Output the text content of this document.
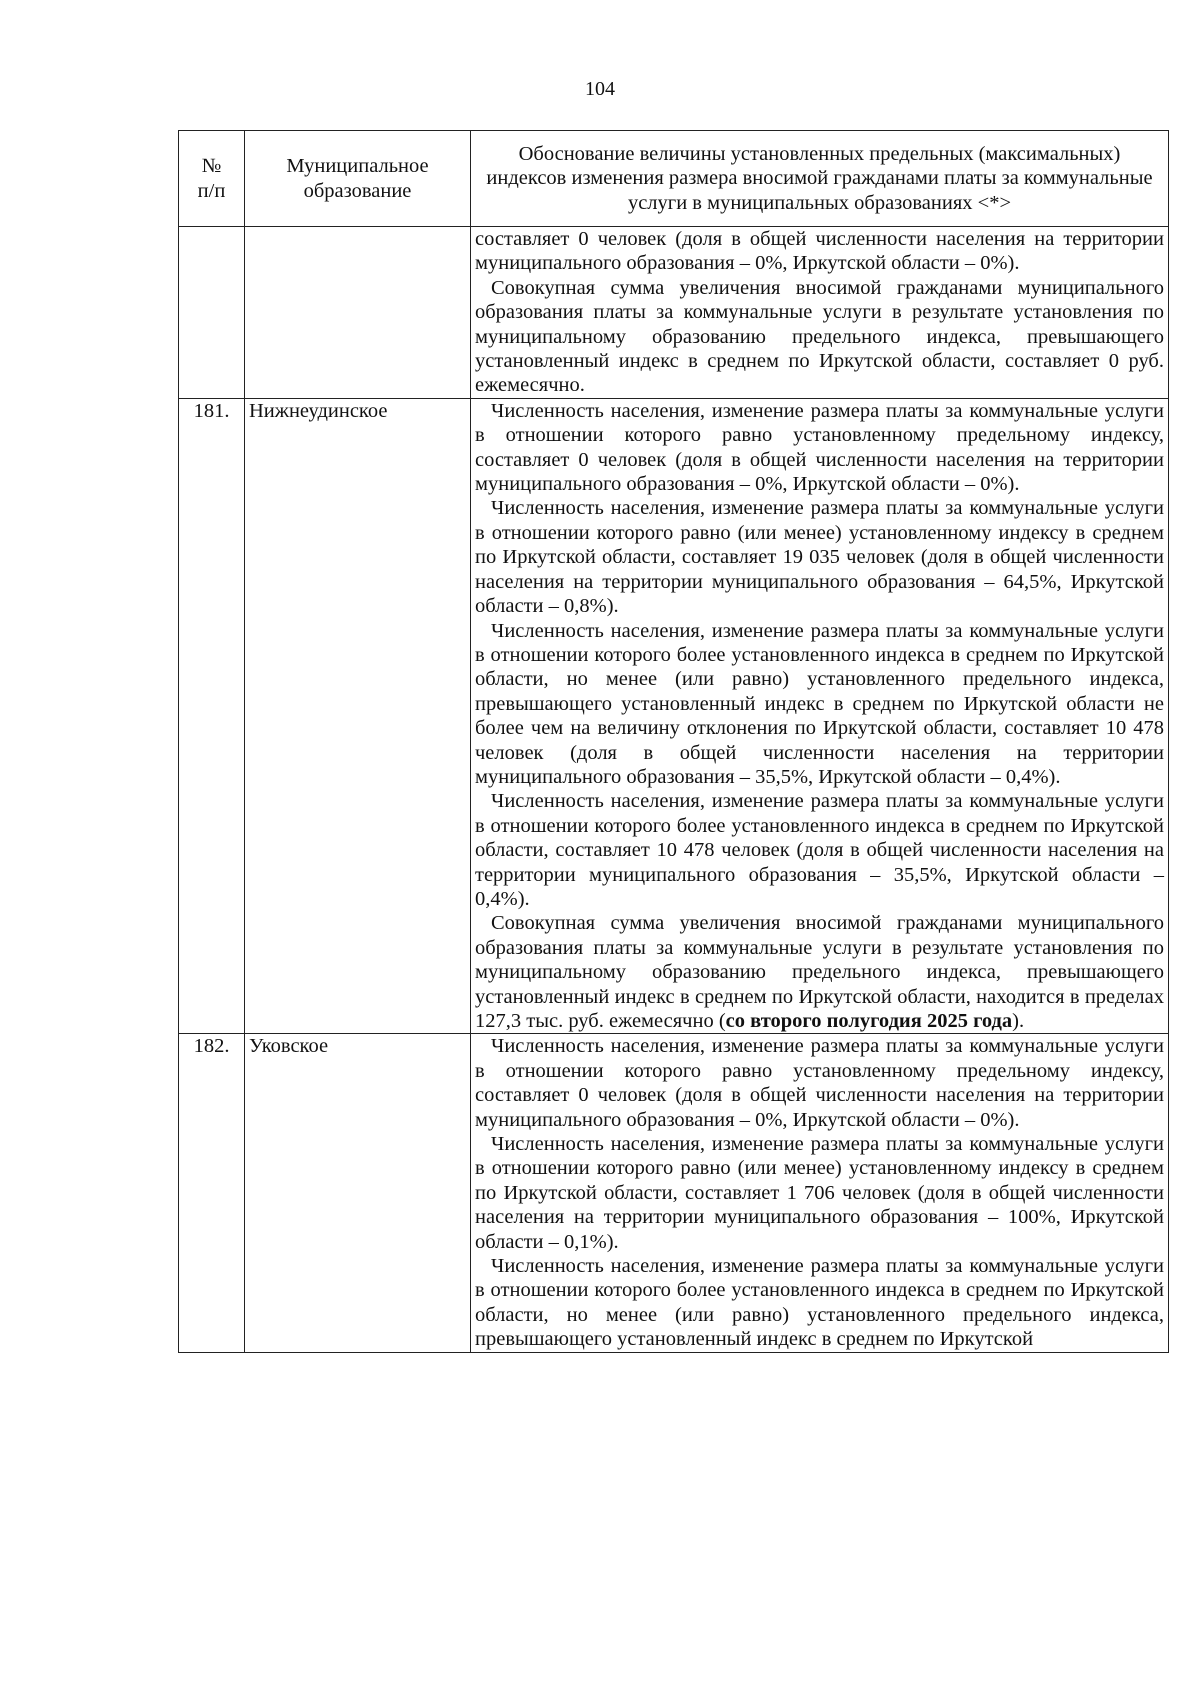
104
№
п/п	Муниципальное образование	Обоснование величины установленных предельных (максимальных) индексов изменения размера вносимой гражданами платы за коммунальные услуги в муниципальных образованиях <*>

		составляет 0 человек (доля в общей численности населения на территории муниципального образования – 0%, Иркутской области – 0%).

Совокупная сумма увеличения вносимой гражданами муниципального образования платы за коммунальные услуги в результате установления по муниципальному образованию предельного индекса, превышающего установленный индекс в среднем по Иркутской области, составляет 0 руб. ежемесячно.

181.	Нижнеудинское	Численность населения, изменение размера платы за коммунальные услуги в отношении которого равно установленному предельному индексу, составляет 0 человек (доля в общей численности населения на территории муниципального образования – 0%, Иркутской области – 0%).

Численность населения, изменение размера платы за коммунальные услуги в отношении которого равно (или менее) установленному индексу в среднем по Иркутской области, составляет 19 035 человек (доля в общей численности населения на территории муниципального образования – 64,5%, Иркутской области – 0,8%).

Численность населения, изменение размера платы за коммунальные услуги в отношении которого более установленного индекса в среднем по Иркутской области, но менее (или равно) установленного предельного индекса, превышающего установленный индекс в среднем по Иркутской области не более чем на величину отклонения по Иркутской области, составляет 10 478 человек (доля в общей численности населения на территории муниципального образования – 35,5%, Иркутской области – 0,4%).

Численность населения, изменение размера платы за коммунальные услуги в отношении которого более установленного индекса в среднем по Иркутской области, составляет 10 478 человек (доля в общей численности населения на территории муниципального образования – 35,5%, Иркутской области – 0,4%).

Совокупная сумма увеличения вносимой гражданами муниципального образования платы за коммунальные услуги в результате установления по муниципальному образованию предельного индекса, превышающего установленный индекс в среднем по Иркутской области, находится в пределах 127,3 тыс. руб. ежемесячно (со второго полугодия 2025 года).

182.	Уковское	Численность населения, изменение размера платы за коммунальные услуги в отношении которого равно установленному предельному индексу, составляет 0 человек (доля в общей численности населения на территории муниципального образования – 0%, Иркутской области – 0%).

Численность населения, изменение размера платы за коммунальные услуги в отношении которого равно (или менее) установленному индексу в среднем по Иркутской области, составляет 1 706 человек (доля в общей численности населения на территории муниципального образования – 100%, Иркутской области – 0,1%).

Численность населения, изменение размера платы за коммунальные услуги в отношении которого более установленного индекса в среднем по Иркутской области, но менее (или равно) установленного предельного индекса, превышающего установленный индекс в среднем по Иркутской
